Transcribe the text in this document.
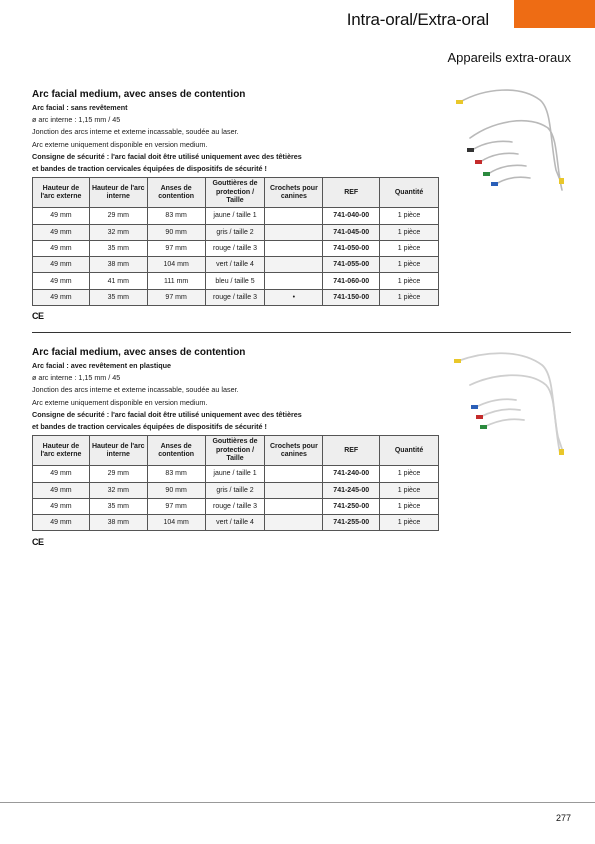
Intra-oral/Extra-oral
Appareils extra-oraux
Arc facial medium, avec anses de contention
Arc facial : sans revêtement
ø arc interne : 1,15 mm / 45
Jonction des arcs interne et externe incassable, soudée au laser.
Arc externe uniquement disponible en version medium.
Consigne de sécurité : l'arc facial doit être utilisé uniquement avec des têtières
et bandes de traction cervicales équipées de dispositifs de sécurité !
Hauteur de l'arc externe	Hauteur de l'arc interne	Anses de contention	Gouttières de protection / Taille	Crochets pour canines	REF	Quantité
49 mm	29 mm	83 mm	jaune / taille 1		741-040-00	1 pièce
49 mm	32 mm	90 mm	gris / taille 2		741-045-00	1 pièce
49 mm	35 mm	97 mm	rouge / taille 3		741-050-00	1 pièce
49 mm	38 mm	104 mm	vert / taille 4		741-055-00	1 pièce
49 mm	41 mm	111 mm	bleu / taille 5		741-060-00	1 pièce
49 mm	35 mm	97 mm	rouge / taille 3	•	741-150-00	1 pièce
CE
Arc facial medium, avec anses de contention
Arc facial : avec revêtement en plastique
ø arc interne : 1,15 mm / 45
Jonction des arcs interne et externe incassable, soudée au laser.
Arc externe uniquement disponible en version medium.
Consigne de sécurité : l'arc facial doit être utilisé uniquement avec des têtières
et bandes de traction cervicales équipées de dispositifs de sécurité !
Hauteur de l'arc externe	Hauteur de l'arc interne	Anses de contention	Gouttières de protection / Taille	Crochets pour canines	REF	Quantité
49 mm	29 mm	83 mm	jaune / taille 1		741-240-00	1 pièce
49 mm	32 mm	90 mm	gris / taille 2		741-245-00	1 pièce
49 mm	35 mm	97 mm	rouge / taille 3		741-250-00	1 pièce
49 mm	38 mm	104 mm	vert / taille 4		741-255-00	1 pièce
CE
277
